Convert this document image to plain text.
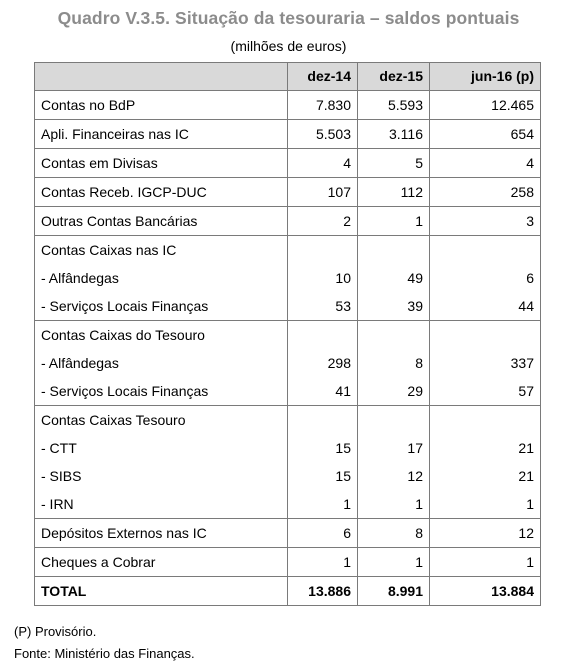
Quadro V.3.5. Situação da tesouraria – saldos pontuais
(milhões de euros)
	dez-14	dez-15	jun-16 (p)
Contas no BdP	7.830	5.593	12.465
Apli. Financeiras nas IC	5.503	3.116	654
Contas em Divisas	4	5	4
Contas Receb. IGCP-DUC	107	112	258
Outras Contas Bancárias	2	1	3
Contas Caixas nas IC			
- Alfândegas	10	49	6
- Serviços Locais Finanças	53	39	44
Contas Caixas do Tesouro			
- Alfândegas	298	8	337
- Serviços Locais Finanças	41	29	57
Contas Caixas Tesouro			
- CTT	15	17	21
- SIBS	15	12	21
- IRN	1	1	1
Depósitos Externos nas IC	6	8	12
Cheques a Cobrar	1	1	1
TOTAL	13.886	8.991	13.884
(P) Provisório.
Fonte: Ministério das Finanças.
